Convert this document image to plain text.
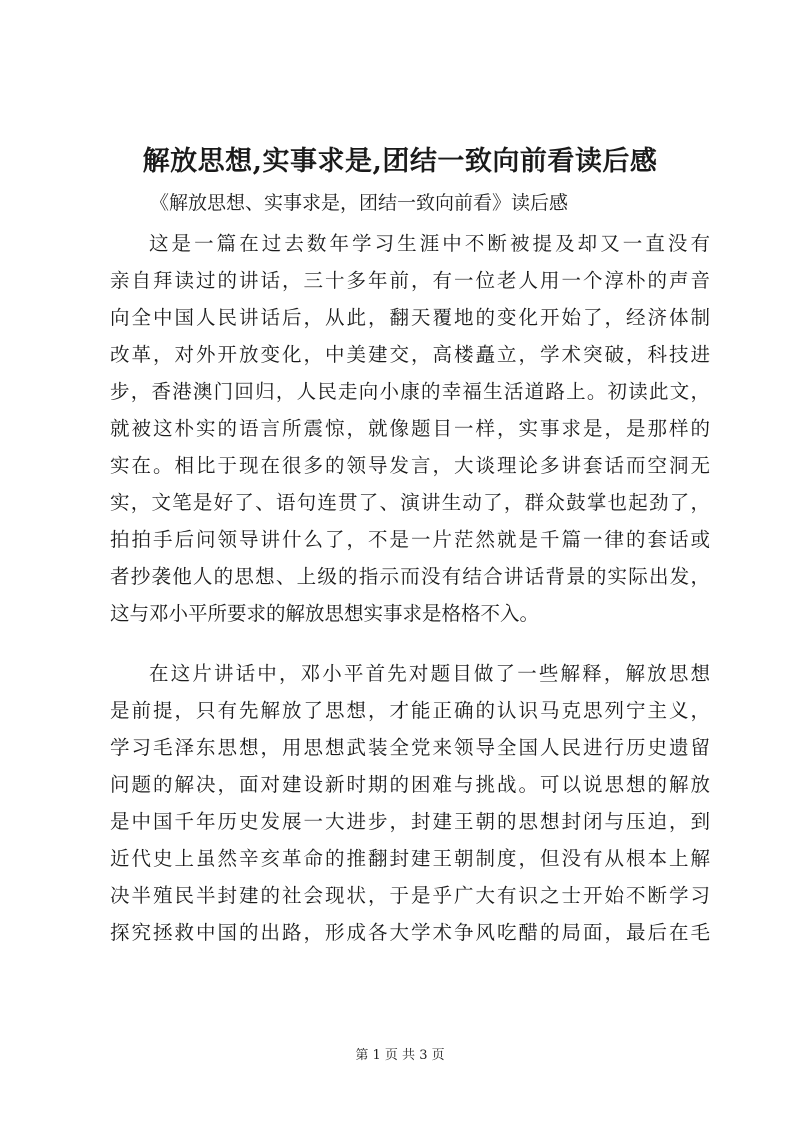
解放思想,实事求是,团结一致向前看读后感
《解放思想、实事求是，团结一致向前看》读后感
这是一篇在过去数年学习生涯中不断被提及却又一直没有
亲自拜读过的讲话，三十多年前，有一位老人用一个淳朴的声音
向全中国人民讲话后，从此，翻天覆地的变化开始了，经济体制
改革，对外开放变化，中美建交，高楼矗立，学术突破，科技进
步，香港澳门回归，人民走向小康的幸福生活道路上。初读此文，
就被这朴实的语言所震惊，就像题目一样，实事求是，是那样的
实在。相比于现在很多的领导发言，大谈理论多讲套话而空洞无
实，文笔是好了、语句连贯了、演讲生动了，群众鼓掌也起劲了，
拍拍手后问领导讲什么了，不是一片茫然就是千篇一律的套话或
者抄袭他人的思想、上级的指示而没有结合讲话背景的实际出发，
这与邓小平所要求的解放思想实事求是格格不入。
在这片讲话中，邓小平首先对题目做了一些解释，解放思想
是前提，只有先解放了思想，才能正确的认识马克思列宁主义，
学习毛泽东思想，用思想武装全党来领导全国人民进行历史遗留
问题的解决，面对建设新时期的困难与挑战。可以说思想的解放
是中国千年历史发展一大进步，封建王朝的思想封闭与压迫，到
近代史上虽然辛亥革命的推翻封建王朝制度，但没有从根本上解
决半殖民半封建的社会现状，于是乎广大有识之士开始不断学习
探究拯救中国的出路，形成各大学术争风吃醋的局面，最后在毛
第 1 页 共 3 页
